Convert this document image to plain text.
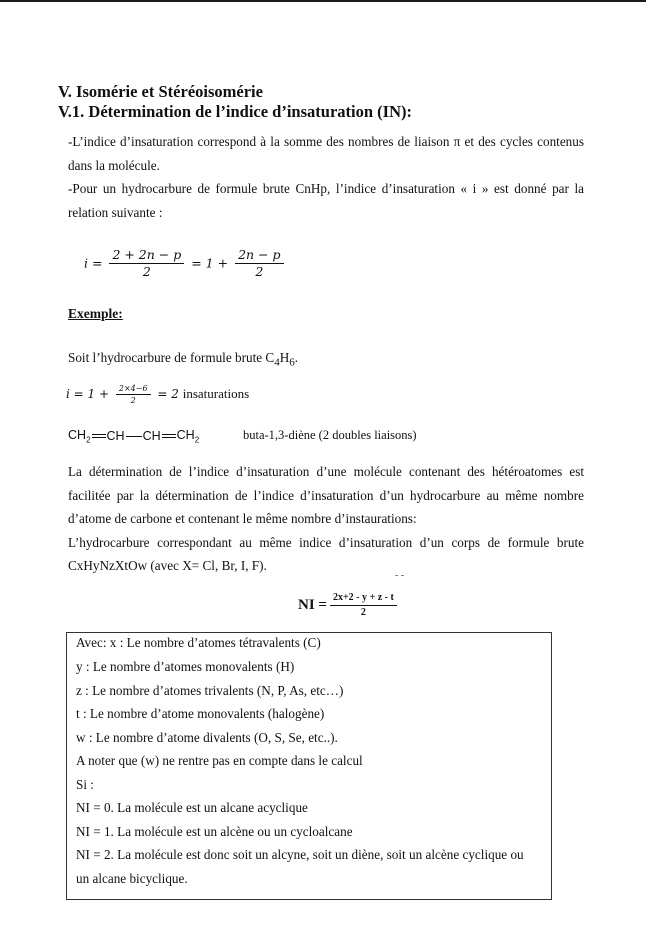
V. Isomérie et Stéréoisomérie
V.1. Détermination de l’indice d’insaturation (IN):
-L’indice d’insaturation correspond à la somme des nombres de liaison π et des cycles contenus dans la molécule.
-Pour un hydrocarbure de formule brute CnHp, l’indice d’insaturation « i » est donné par la relation suivante :
$i = \frac{2 + 2n - p}{2} = 1 + \frac{2n - p}{2}$
Exemple:
Soit l’hydrocarbure de formule brute $C_4H_6$.
$i = 1 + \frac{2\times 4-6}{2} = 2$ insaturations
$CH_2$ CH CH $CH_2$	buta-1,3-diène (2 doubles liaisons)
La détermination de l’indice d’insaturation d’une molécule contenant des hétéroatomes est facilitée par la détermination de l’indice d’insaturation d’un hydrocarbure au même nombre d’atome de carbone et contenant le même nombre d’instaurations:
L’hydrocarbure correspondant au même indice d’insaturation d’un corps de formule brute CxHyNzXtOw (avec X= Cl, Br, I, F).
- -
NI = $\frac{2x+2 - y + z - t}{2}$
Avec: x : Le nombre d’atomes tétravalents (C)
y : Le nombre d’atomes monovalents (H)
z : Le nombre d’atomes trivalents (N, P, As, etc…)
t : Le nombre d’atome monovalents (halogène)
w : Le nombre d’atome divalents (O, S, Se, etc..).
A noter que (w) ne rentre pas en compte dans le calcul
Si :
NI = 0. La molécule est un alcane acyclique
NI = 1. La molécule est un alcène ou un cycloalcane
NI = 2. La molécule est donc soit un alcyne, soit un diène, soit un alcène cyclique ou
un alcane bicyclique.
